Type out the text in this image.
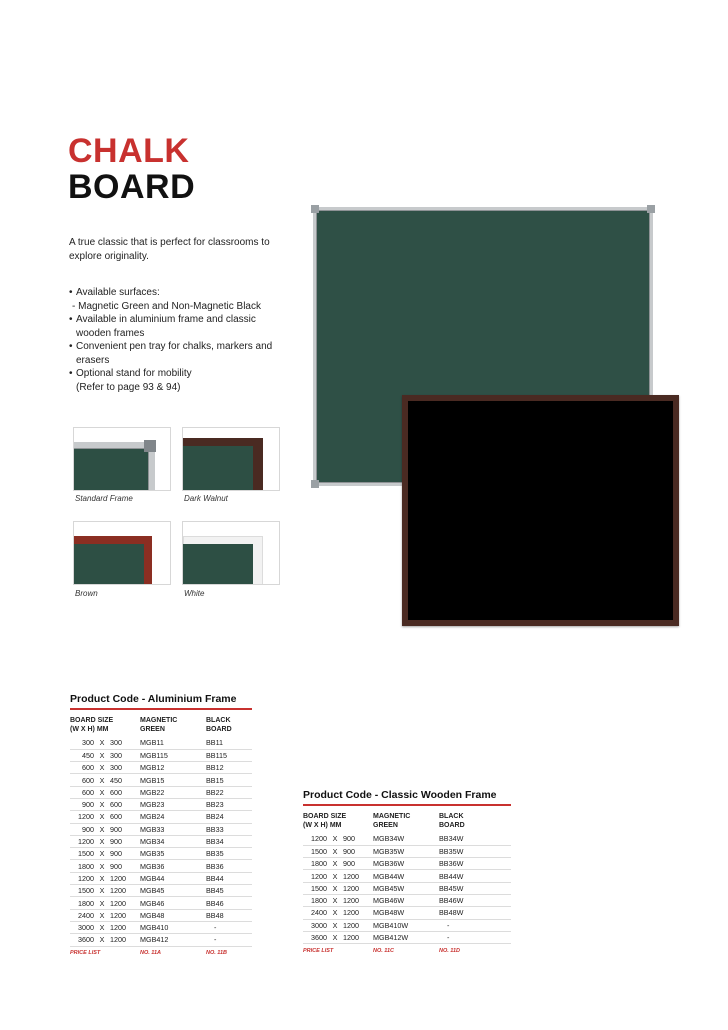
CHALK
BOARD

A true classic that is perfect for classrooms to explore originality.

• Available surfaces:
- Magnetic Green and Non-Magnetic Black
• Available in aluminium frame and classic
wooden frames
• Convenient pen tray for chalks, markers and
erasers
• Optional stand for mobility
(Refer to page 93 & 94)
Standard Frame	Dark Walnut
Brown	White
Product Code - Aluminium Frame
BOARD SIZE
(W X H) MM	MAGNETIC
GREEN	BLACK
BOARD
300 X 300	MGB11	BB11
450 X 300	MGB115	BB115
600 X 300	MGB12	BB12
600 X 450	MGB15	BB15
600 X 600	MGB22	BB22
900 X 600	MGB23	BB23
1200 X 600	MGB24	BB24
900 X 900	MGB33	BB33
1200 X 900	MGB34	BB34
1500 X 900	MGB35	BB35
1800 X 900	MGB36	BB36
1200 X 1200	MGB44	BB44
1500 X 1200	MGB45	BB45
1800 X 1200	MGB46	BB46
2400 X 1200	MGB48	BB48
3000 X 1200	MGB410	-
3600 X 1200	MGB412	-
PRICE LIST	NO. 11A	NO. 11B
Product Code - Classic Wooden Frame
BOARD SIZE
(W X H) MM	MAGNETIC
GREEN	BLACK
BOARD
1200 X 900	MGB34W	BB34W
1500 X 900	MGB35W	BB35W
1800 X 900	MGB36W	BB36W
1200 X 1200	MGB44W	BB44W
1500 X 1200	MGB45W	BB45W
1800 X 1200	MGB46W	BB46W
2400 X 1200	MGB48W	BB48W
3000 X 1200	MGB410W	-
3600 X 1200	MGB412W	-
PRICE LIST	NO. 11C	NO. 11D
